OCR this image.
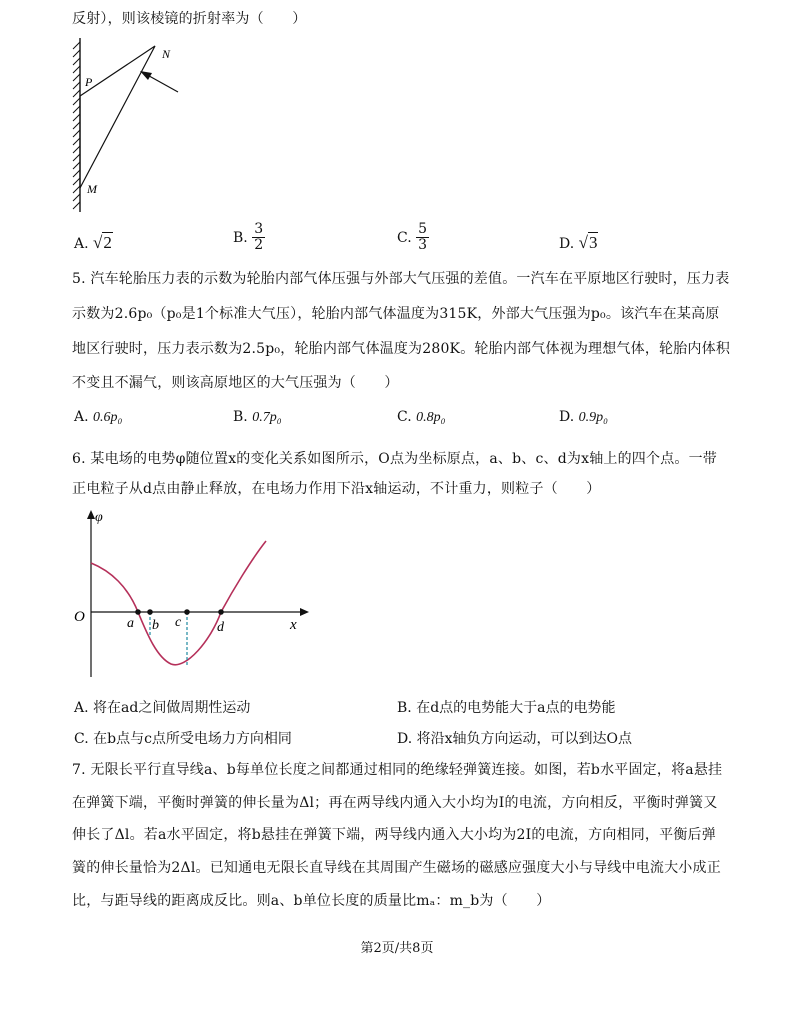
反射），则该棱镜的折射率为（　　）
N
P
M
A. √2	B. $\frac{3}{2}$	C. $\frac{5}{3}$	D. √3
5. 汽车轮胎压力表的示数为轮胎内部气体压强与外部大气压强的差值。一汽车在平原地区行驶时，压力表
示数为2.6p₀（p₀是1个标准大气压），轮胎内部气体温度为315K，外部大气压强为p₀。该汽车在某高原
地区行驶时，压力表示数为2.5p₀，轮胎内部气体温度为280K。轮胎内部气体视为理想气体，轮胎内体积
不变且不漏气，则该高原地区的大气压强为（　　）
A. 0.6p₀	B. 0.7p₀	C. 0.8p₀	D. 0.9p₀
6. 某电场的电势φ随位置x的变化关系如图所示，O点为坐标原点，a、b、c、d为x轴上的四个点。一带
正电粒子从d点由静止释放，在电场力作用下沿x轴运动，不计重力，则粒子（　　）
φ
O	x
a b c	d
A. 将在ad之间做周期性运动	B. 在d点的电势能大于a点的电势能
C. 在b点与c点所受电场力方向相同	D. 将沿x轴负方向运动，可以到达O点
7. 无限长平行直导线a、b每单位长度之间都通过相同的绝缘轻弹簧连接。如图，若b水平固定，将a悬挂
在弹簧下端，平衡时弹簧的伸长量为Δl；再在两导线内通入大小均为I的电流，方向相反，平衡时弹簧又
伸长了Δl。若a水平固定，将b悬挂在弹簧下端，两导线内通入大小均为2I的电流，方向相同，平衡后弹
簧的伸长量恰为2Δl。已知通电无限长直导线在其周围产生磁场的磁感应强度大小与导线中电流大小成正
比，与距导线的距离成反比。则a、b单位长度的质量比mₐ：m_b为（　　）
第2页/共8页
